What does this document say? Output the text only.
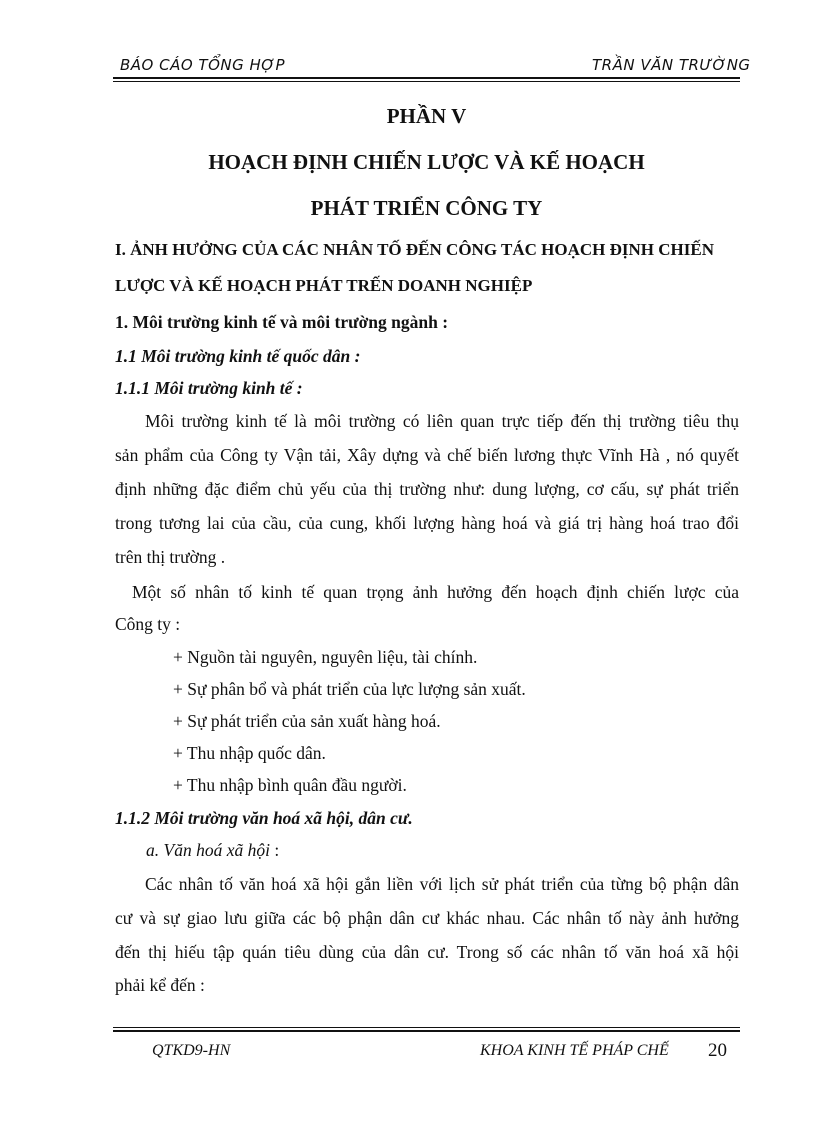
BÁO CÁO TỔNG HỢP	TRẦN VĂN TRƯỜNG
PHẦN V
HOẠCH ĐỊNH CHIẾN LƯỢC VÀ KẾ HOẠCH
PHÁT TRIỂN CÔNG TY
I. ẢNH HƯỞNG CỦA CÁC NHÂN TỐ ĐẾN CÔNG TÁC HOẠCH ĐỊNH CHIẾN
LƯỢC VÀ KẾ HOẠCH PHÁT TRẾN DOANH NGHIỆP
1. Môi trường kinh tế và môi trường ngành :
1.1 Môi trường kinh tế quốc dân :
1.1.1 Môi trường kinh tế :
Môi trường kinh tế là môi trường có liên quan trực tiếp đến thị trường tiêu thụ
sản phẩm của Công ty Vận tải, Xây dựng và chế biến lương thực Vĩnh Hà , nó quyết
định những đặc điểm chủ yếu của thị trường như: dung lượng, cơ cấu, sự phát triển
trong tương lai của cầu, của cung, khối lượng hàng hoá và giá trị hàng hoá trao đổi
trên thị trường .
Một số nhân tố kinh tế quan trọng ảnh hưởng đến hoạch định chiến lược của
Công ty :
+ Nguồn tài nguyên, nguyên liệu, tài chính.
+ Sự phân bổ và phát triển của lực lượng sản xuất.
+ Sự phát triển của sản xuất hàng hoá.
+ Thu nhập quốc dân.
+ Thu nhập bình quân đầu người.
1.1.2 Môi trường văn hoá xã hội, dân cư.
a. Văn hoá xã hội :
Các nhân tố văn hoá xã hội gắn liền với lịch sử phát triển của từng bộ phận dân
cư và sự giao lưu giữa các bộ phận dân cư khác nhau. Các nhân tố này ảnh hưởng
đến thị hiếu tập quán tiêu dùng của dân cư. Trong số các nhân tố văn hoá xã hội
phải kể đến :
QTKD9-HN	KHOA KINH TẾ PHÁP CHẾ 20
